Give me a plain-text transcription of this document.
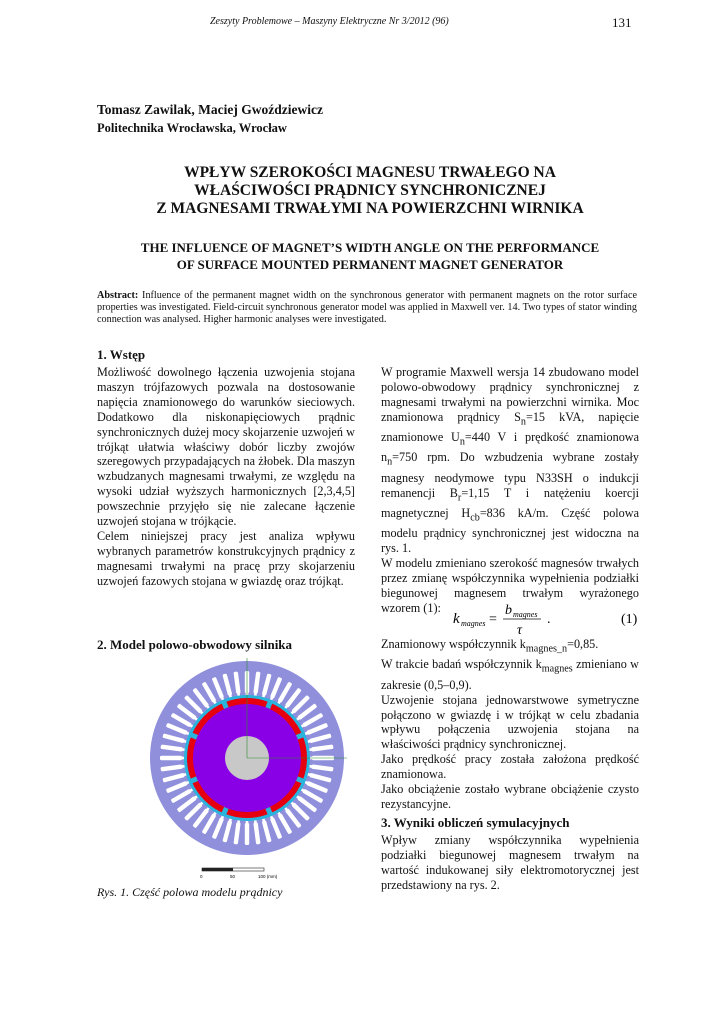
Zeszyty Problemowe – Maszyny Elektryczne Nr 3/2012 (96)	131
Tomasz Zawilak, Maciej Gwoździewicz
Politechnika Wrocławska, Wrocław
WPŁYW SZEROKOŚCI MAGNESU TRWAŁEGO NA
WŁAŚCIWOŚCI PRĄDNICY SYNCHRONICZNEJ
Z MAGNESAMI TRWAŁYMI NA POWIERZCHNI WIRNIKA
THE INFLUENCE OF MAGNET’S WIDTH ANGLE ON THE PERFORMANCE
OF SURFACE MOUNTED PERMANENT MAGNET GENERATOR
Abstract: Influence of the permanent magnet width on the synchronous generator with permanent magnets on the rotor surface properties was investigated. Field-circuit synchronous generator model was applied in Maxwell ver. 14. Two types of stator winding connection was analysed. Higher harmonic analyses were investigated.
1. Wstęp

Możliwość dowolnego łączenia uzwojenia stojana maszyn trójfazowych pozwala na dostosowanie napięcia znamionowego do warunków sieciowych. Dodatkowo dla niskonapięciowych prądnic synchronicznych dużej mocy skojarzenie uzwojeń w trójkąt ułatwia właściwy dobór liczby zwojów szeregowych przypadających na żłobek. Dla maszyn wzbudzanych magnesami trwałymi, ze względu na wysoki udział wyższych harmonicznych [2,3,4,5] powszechnie przyjęło się nie zalecane łączenie uzwojeń stojana w trójkącie.

Celem niniejszej pracy jest analiza wpływu wybranych parametrów konstrukcyjnych prądnicy z magnesami trwałymi na pracę przy skojarzeniu uzwojeń fazowych stojana w gwiazdę oraz trójkąt.

2. Model polowo-obwodowy silnika
0	50	100 (mm)
Rys. 1. Część polowa modelu prądnicy

W programie Maxwell wersja 14 zbudowano model polowo-obwodowy prądnicy synchronicznej z magnesami trwałymi na powierzchni wirnika. Moc znamionowa prądnicy $S_n=15$ kVA, napięcie znamionowe $U_n=440$ V i prędkość znamionowa $n_n=750$ rpm. Do wzbudzenia wybrane zostały magnesy neodymowe typu N33SH o indukcji remanencji $B_r=1,15$ T i natężeniu koercji magnetycznej $H_{cb}=836$ kA/m. Część polowa modelu prądnicy synchronicznej jest widoczna na rys. 1.

W modelu zmieniano szerokość magnesów trwałych przez zmianę współczynnika wypełnienia podziałki biegunowej magnesem trwałym wyrażonego wzorem (1):

k magnes =
b magnes
τ
.	(1)

Znamionowy współczynnik $k_{magnes\_n}=0,85$.

W trakcie badań współczynnik $k_{magnes}$ zmieniano w zakresie (0,5–0,9).

Uzwojenie stojana jednowarstwowe symetryczne połączono w gwiazdę i w trójkąt w celu zbadania wpływu połączenia uzwojenia stojana na właściwości prądnicy synchronicznej.

Jako prędkość pracy została założona prędkość znamionowa.

Jako obciążenie zostało wybrane obciążenie czysto rezystancyjne.

3. Wyniki obliczeń symulacyjnych

Wpływ zmiany współczynnika wypełnienia podziałki biegunowej magnesem trwałym na wartość indukowanej siły elektromotorycznej jest przedstawiony na rys. 2.
